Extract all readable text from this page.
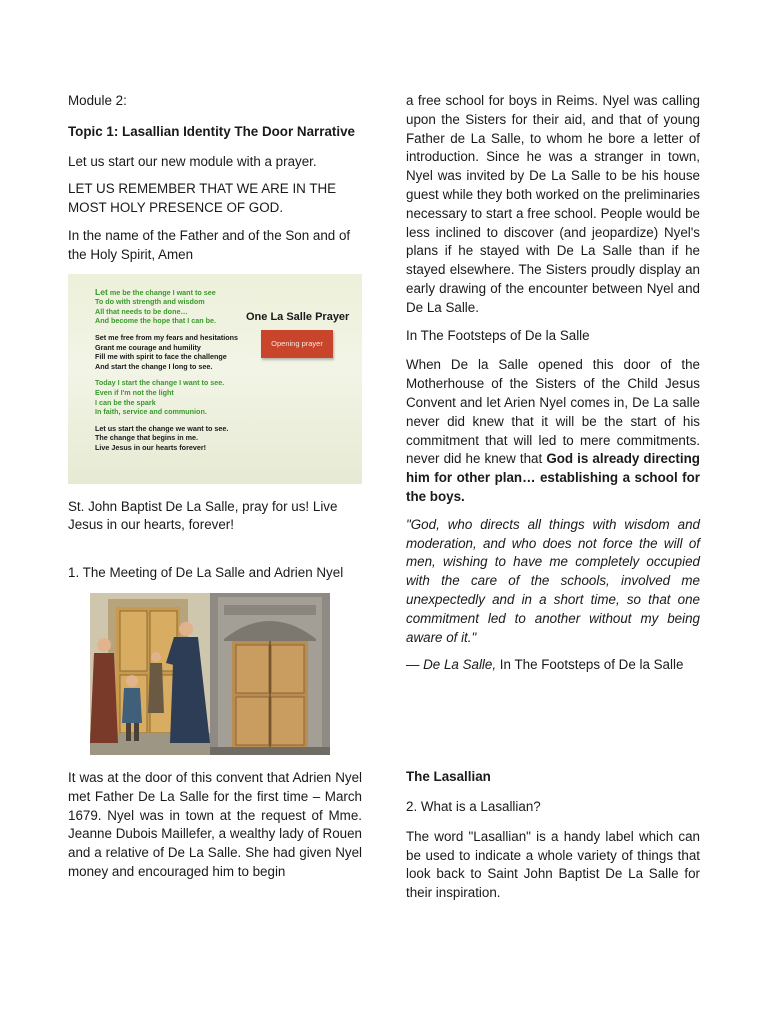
Module 2:

Topic 1: Lasallian Identity The Door Narrative

Let us start our new module with a prayer.

LET US REMEMBER THAT WE ARE IN THE MOST HOLY PRESENCE OF GOD.

In the name of the Father and of the Son and of the Holy Spirit, Amen

Let me be the change I want to see
To do with strength and wisdom
All that needs to be done…
And become the hope that I can be.
Set me free from my fears and hesitations
Grant me courage and humility
Fill me with spirit to face the challenge
And start the change I long to see.
Today I start the change I want to see.
Even if I'm not the light
I can be the spark
In faith, service and communion.
Let us start the change we want to see.
The change that begins in me.
Live Jesus in our hearts forever!
One La Salle Prayer
Opening prayer

St. John Baptist De La Salle, pray for us! Live Jesus in our hearts, forever!

1. The Meeting of De La Salle and Adrien Nyel

It was at the door of this convent that Adrien Nyel met Father De La Salle for the first time – March 1679. Nyel was in town at the request of Mme. Jeanne Dubois Maillefer, a wealthy lady of Rouen and a relative of De La Salle. She had given Nyel money and encouraged him to begin

a free school for boys in Reims. Nyel was calling upon the Sisters for their aid, and that of young Father de La Salle, to whom he bore a letter of introduction. Since he was a stranger in town, Nyel was invited by De La Salle to be his house guest while they both worked on the preliminaries necessary to start a free school. People would be less inclined to discover (and jeopardize) Nyel's plans if he stayed with De La Salle than if he stayed elsewhere. The Sisters proudly display an early drawing of the encounter between Nyel and De La Salle.

In The Footsteps of De la Salle

When De la Salle opened this door of the Motherhouse of the Sisters of the Child Jesus Convent and let Arien Nyel comes in, De La salle never did knew that it will be the start of his commitment that will led to mere commitments. never did he knew that God is already directing him for other plan… establishing a school for the boys.

"God, who directs all things with wisdom and moderation, and who does not force the will of men, wishing to have me completely occupied with the care of the schools, involved me unexpectedly and in a short time, so that one commitment led to another without my being aware of it."

— De La Salle, In The Footsteps of De la Salle

The Lasallian

2. What is a Lasallian?

The word "Lasallian" is a handy label which can be used to indicate a whole variety of things that look back to Saint John Baptist De La Salle for their inspiration.
